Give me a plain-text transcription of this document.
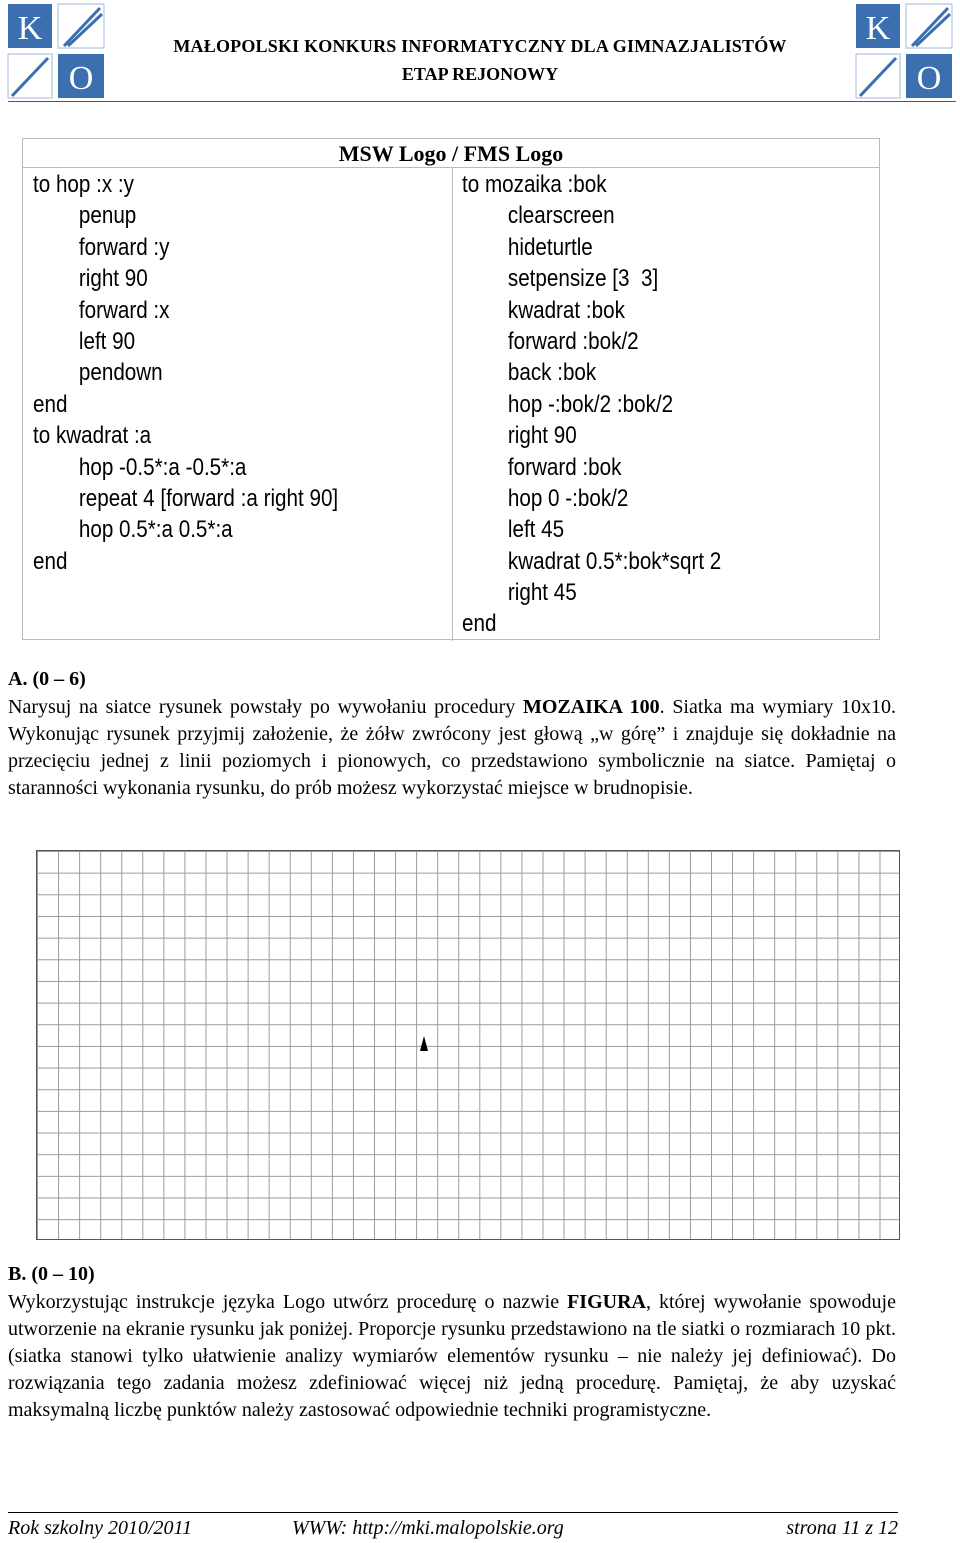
K
O
K
O
MAŁOPOLSKI KONKURS INFORMATYCZNY DLA GIMNAZJALISTÓW
ETAP REJONOWY
MSW Logo / FMS Logo
to hop :x :y
penup
forward :y
right 90
forward :x
left 90
pendown
end
to kwadrat :a
hop -0.5*:a -0.5*:a
repeat 4 [forward :a right 90]
hop 0.5*:a 0.5*:a
end
to mozaika :bok
clearscreen
hideturtle
setpensize [3  3]
kwadrat :bok
forward :bok/2
back :bok
hop -:bok/2 :bok/2
right 90
forward :bok
hop 0 -:bok/2
left 45
kwadrat 0.5*:bok*sqrt 2
right 45
end
A. (0 – 6)
Narysuj na siatce rysunek powstały po wywołaniu procedury MOZAIKA 100. Siatka ma wymiary 10x10. Wykonując rysunek przyjmij założenie, że żółw zwrócony jest głową „w górę” i znajduje się dokładnie na przecięciu jednej z linii poziomych i pionowych, co przedstawiono symbolicznie na siatce. Pamiętaj o staranności wykonania rysunku, do prób możesz wykorzystać miejsce w brudnopisie.
B. (0 – 10)
Wykorzystując instrukcje języka Logo utwórz procedurę o nazwie FIGURA, której wywołanie spowoduje utworzenie na ekranie rysunku jak poniżej. Proporcje rysunku przedstawiono na tle siatki o rozmiarach 10 pkt. (siatka stanowi tylko ułatwienie analizy wymiarów elementów rysunku – nie należy jej definiować). Do rozwiązania tego zadania możesz zdefiniować więcej niż jedną procedurę. Pamiętaj, że aby uzyskać maksymalną liczbę punktów należy zastosować odpowiednie techniki programistyczne.
Rok szkolny 2010/2011	WWW: http://mki.malopolskie.org	strona 11 z 12
